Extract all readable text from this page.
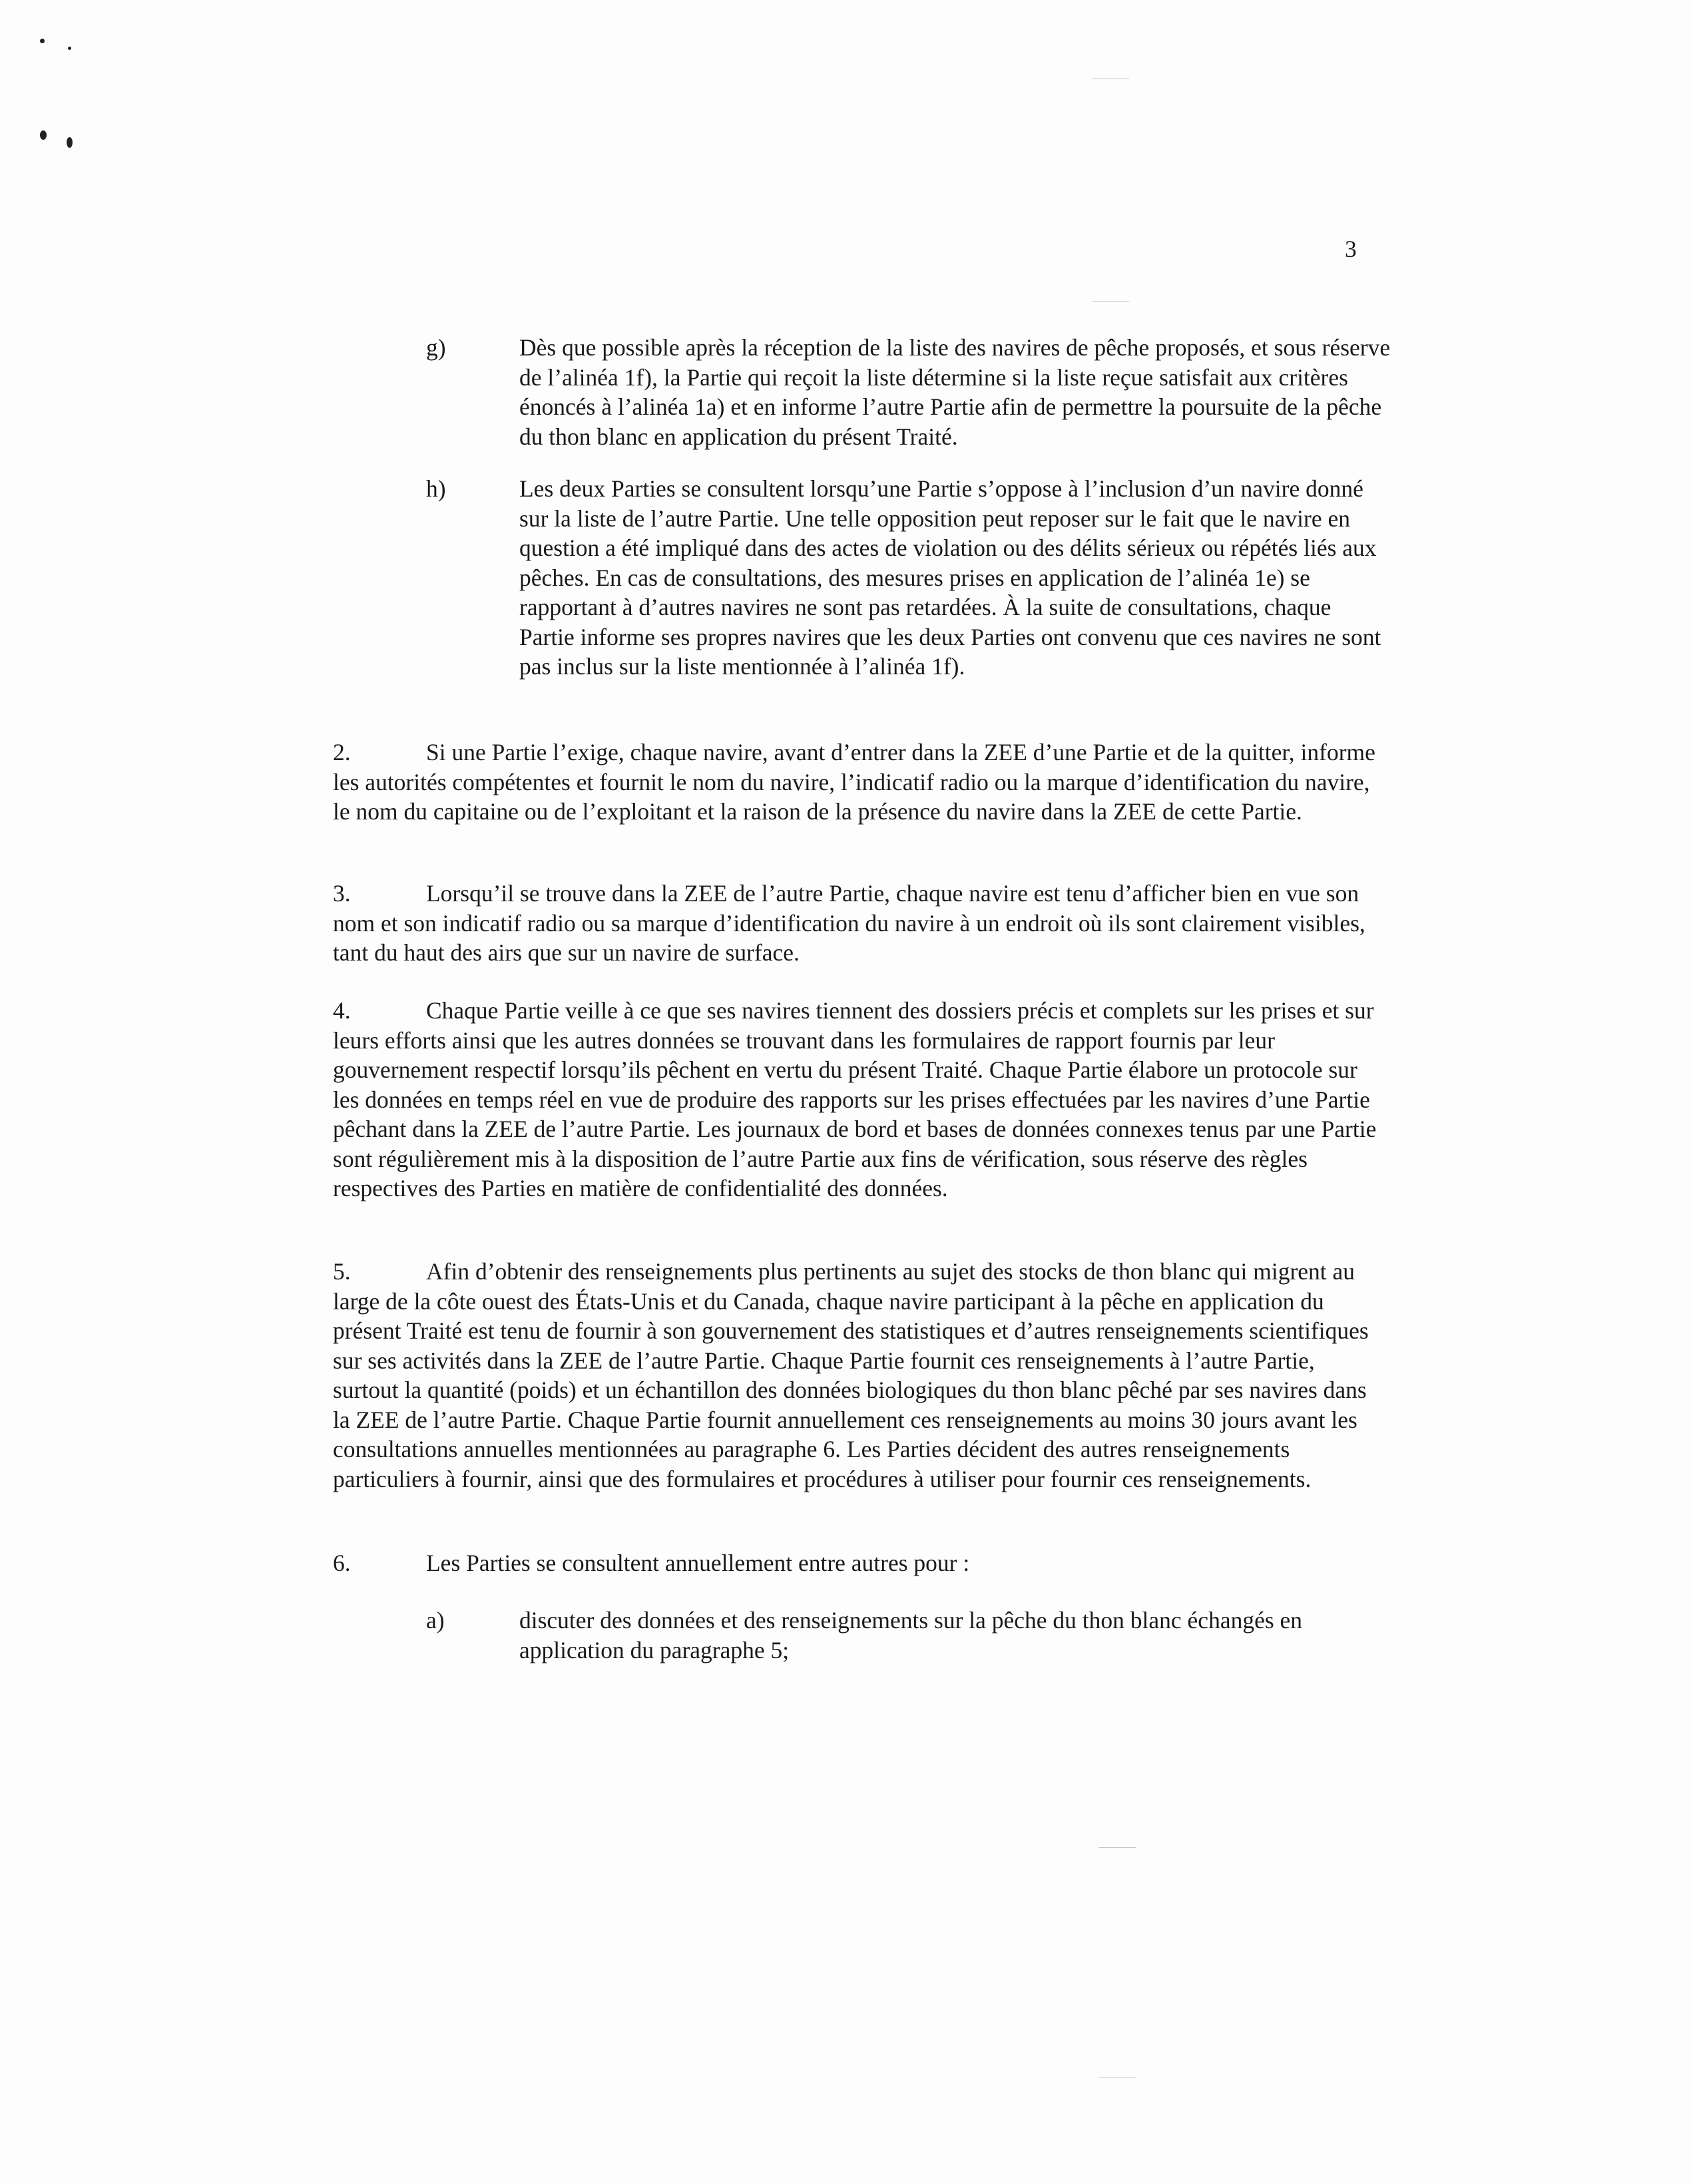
3
g)	Dès que possible après la réception de la liste des navires de pêche proposés, et sous réserve de l’alinéa 1f), la Partie qui reçoit la liste détermine si la liste reçue satisfait aux critères énoncés à l’alinéa 1a) et en informe l’autre Partie afin de permettre la poursuite de la pêche du thon blanc en application du présent Traité.
h)	Les deux Parties se consultent lorsqu’une Partie s’oppose à l’inclusion d’un navire donné sur la liste de l’autre Partie. Une telle opposition peut reposer sur le fait que le navire en question a été impliqué dans des actes de violation ou des délits sérieux ou répétés liés aux pêches. En cas de consultations, des mesures prises en application de l’alinéa 1e) se rapportant à d’autres navires ne sont pas retardées. À la suite de consultations, chaque Partie informe ses propres navires que les deux Parties ont convenu que ces navires ne sont pas inclus sur la liste mentionnée à l’alinéa 1f).
2.	Si une Partie l’exige, chaque navire, avant d’entrer dans la ZEE d’une Partie et de la quitter, informe les autorités compétentes et fournit le nom du navire, l’indicatif radio ou la marque d’identification du navire, le nom du capitaine ou de l’exploitant et la raison de la présence du navire dans la ZEE de cette Partie.
3.	Lorsqu’il se trouve dans la ZEE de l’autre Partie, chaque navire est tenu d’afficher bien en vue son nom et son indicatif radio ou sa marque d’identification du navire à un endroit où ils sont clairement visibles, tant du haut des airs que sur un navire de surface.
4.	Chaque Partie veille à ce que ses navires tiennent des dossiers précis et complets sur les prises et sur leurs efforts ainsi que les autres données se trouvant dans les formulaires de rapport fournis par leur gouvernement respectif lorsqu’ils pêchent en vertu du présent Traité. Chaque Partie élabore un protocole sur les données en temps réel en vue de produire des rapports sur les prises effectuées par les navires d’une Partie pêchant dans la ZEE de l’autre Partie. Les journaux de bord et bases de données connexes tenus par une Partie sont régulièrement mis à la disposition de l’autre Partie aux fins de vérification, sous réserve des règles respectives des Parties en matière de confidentialité des données.
5.	Afin d’obtenir des renseignements plus pertinents au sujet des stocks de thon blanc qui migrent au large de la côte ouest des États-Unis et du Canada, chaque navire participant à la pêche en application du présent Traité est tenu de fournir à son gouvernement des statistiques et d’autres renseignements scientifiques sur ses activités dans la ZEE de l’autre Partie. Chaque Partie fournit ces renseignements à l’autre Partie, surtout la quantité (poids) et un échantillon des données biologiques du thon blanc pêché par ses navires dans la ZEE de l’autre Partie. Chaque Partie fournit annuellement ces renseignements au moins 30 jours avant les consultations annuelles mentionnées au paragraphe 6. Les Parties décident des autres renseignements particuliers à fournir, ainsi que des formulaires et procédures à utiliser pour fournir ces renseignements.
6.	Les Parties se consultent annuellement entre autres pour :
a)	discuter des données et des renseignements sur la pêche du thon blanc échangés en application du paragraphe 5;
